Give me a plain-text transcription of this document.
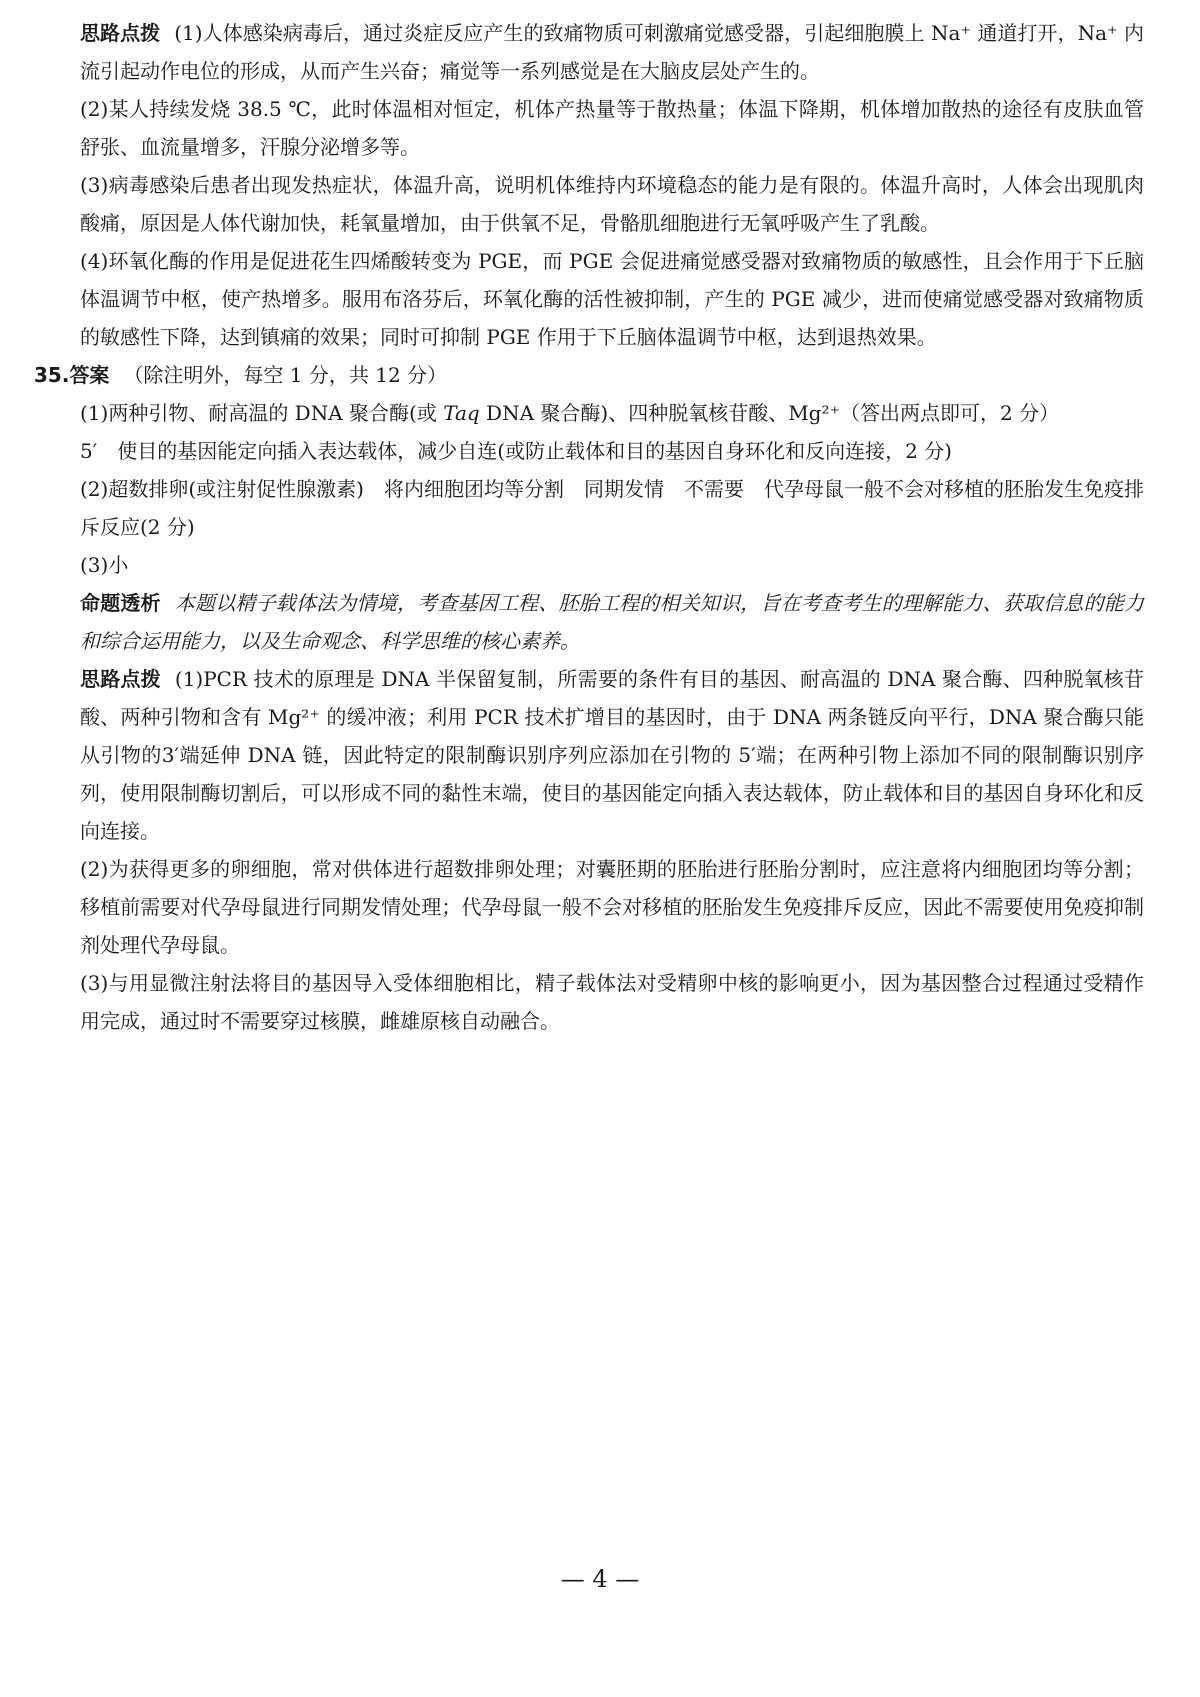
思路点拨 (1)人体感染病毒后，通过炎症反应产生的致痛物质可刺激痛觉感受器，引起细胞膜上 Na⁺ 通道打开，Na⁺ 内流引起动作电位的形成，从而产生兴奋；痛觉等一系列感觉是在大脑皮层处产生的。

(2)某人持续发烧 38.5 ℃，此时体温相对恒定，机体产热量等于散热量；体温下降期，机体增加散热的途径有皮肤血管舒张、血流量增多，汗腺分泌增多等。

(3)病毒感染后患者出现发热症状，体温升高，说明机体维持内环境稳态的能力是有限的。体温升高时，人体会出现肌肉酸痛，原因是人体代谢加快，耗氧量增加，由于供氧不足，骨骼肌细胞进行无氧呼吸产生了乳酸。

(4)环氧化酶的作用是促进花生四烯酸转变为 PGE，而 PGE 会促进痛觉感受器对致痛物质的敏感性，且会作用于下丘脑体温调节中枢，使产热增多。服用布洛芬后，环氧化酶的活性被抑制，产生的 PGE 减少，进而使痛觉感受器对致痛物质的敏感性下降，达到镇痛的效果；同时可抑制 PGE 作用于下丘脑体温调节中枢，达到退热效果。

35.答案 （除注明外，每空 1 分，共 12 分）

(1)两种引物、耐高温的 DNA 聚合酶(或 Taq DNA 聚合酶)、四种脱氧核苷酸、Mg²⁺（答出两点即可，2 分）

5′　使目的基因能定向插入表达载体，减少自连(或防止载体和目的基因自身环化和反向连接，2 分)

(2)超数排卵(或注射促性腺激素)　将内细胞团均等分割　同期发情　不需要　代孕母鼠一般不会对移植的胚胎发生免疫排斥反应(2 分)

(3)小

命题透析 本题以精子载体法为情境，考查基因工程、胚胎工程的相关知识，旨在考查考生的理解能力、获取信息的能力和综合运用能力，以及生命观念、科学思维的核心素养。

思路点拨 (1)PCR 技术的原理是 DNA 半保留复制，所需要的条件有目的基因、耐高温的 DNA 聚合酶、四种脱氧核苷酸、两种引物和含有 Mg²⁺ 的缓冲液；利用 PCR 技术扩增目的基因时，由于 DNA 两条链反向平行，DNA 聚合酶只能从引物的3′端延伸 DNA 链，因此特定的限制酶识别序列应添加在引物的 5′端；在两种引物上添加不同的限制酶识别序列，使用限制酶切割后，可以形成不同的黏性末端，使目的基因能定向插入表达载体，防止载体和目的基因自身环化和反向连接。

(2)为获得更多的卵细胞，常对供体进行超数排卵处理；对囊胚期的胚胎进行胚胎分割时，应注意将内细胞团均等分割；移植前需要对代孕母鼠进行同期发情处理；代孕母鼠一般不会对移植的胚胎发生免疫排斥反应，因此不需要使用免疫抑制剂处理代孕母鼠。

(3)与用显微注射法将目的基因导入受体细胞相比，精子载体法对受精卵中核的影响更小，因为基因整合过程通过受精作用完成，通过时不需要穿过核膜，雌雄原核自动融合。

— 4 —
